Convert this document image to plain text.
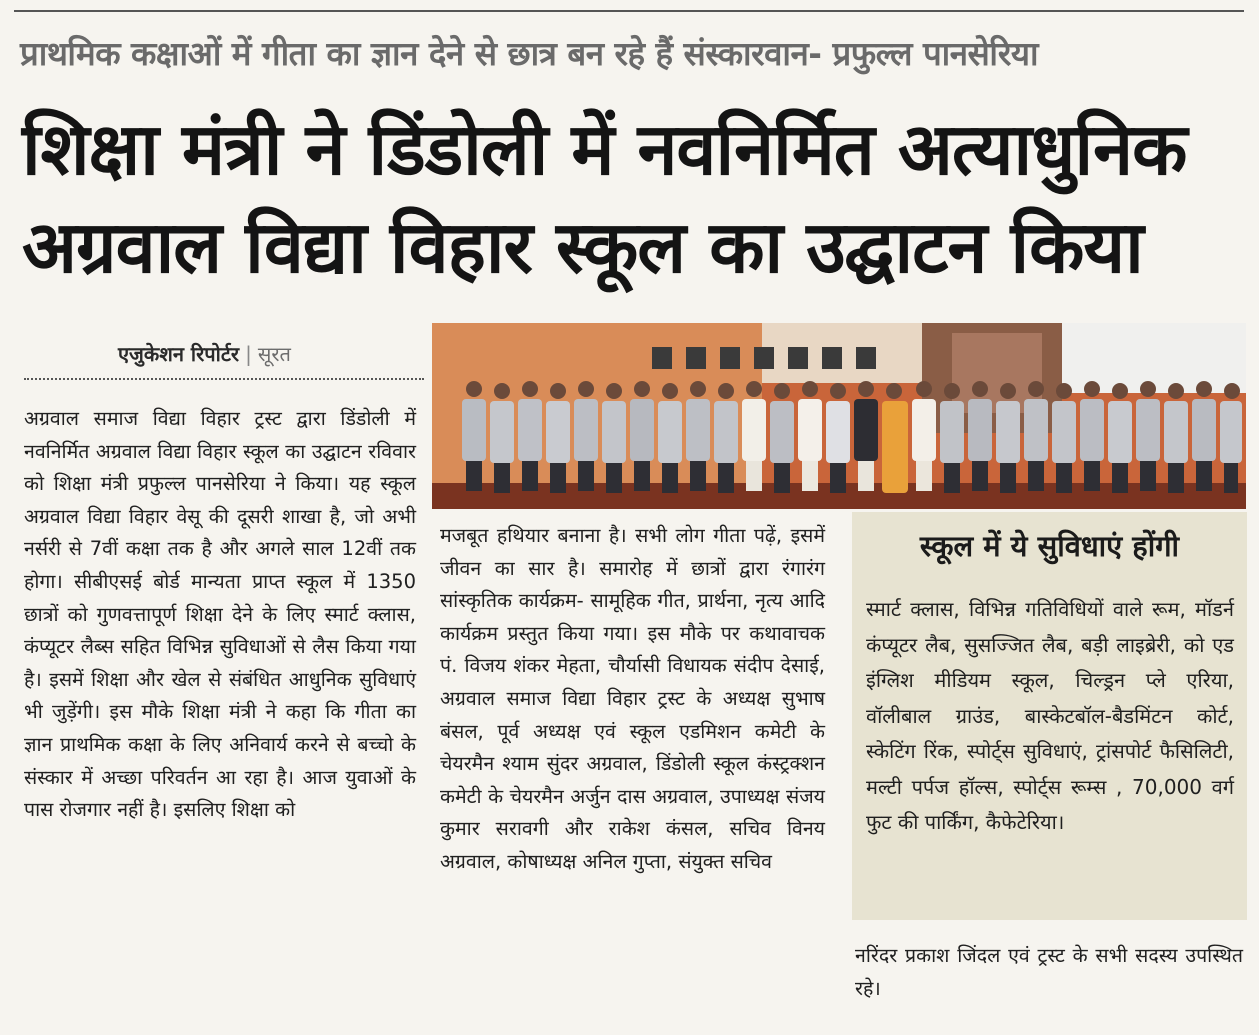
प्राथमिक कक्षाओं में गीता का ज्ञान देने से छात्र बन रहे हैं संस्कारवान- प्रफुल्ल पानसेरिया
शिक्षा मंत्री ने डिंडोली में नवनिर्मित अत्याधुनिक
अग्रवाल विद्या विहार स्कूल का उद्घाटन किया
एजुकेशन रिपोर्टर | सूरत

अग्रवाल समाज विद्या विहार ट्रस्ट द्वारा डिंडोली में नवनिर्मित अग्रवाल विद्या विहार स्कूल का उद्घाटन रविवार को शिक्षा मंत्री प्रफुल्ल पानसेरिया ने किया। यह स्कूल अग्रवाल विद्या विहार वेसू की दूसरी शाखा है, जो अभी नर्सरी से 7वीं कक्षा तक है और अगले साल 12वीं तक होगा। सीबीएसई बोर्ड मान्यता प्राप्त स्कूल में 1350 छात्रों को गुणवत्तापूर्ण शिक्षा देने के लिए स्मार्ट क्लास, कंप्यूटर लैब्स सहित विभिन्न सुविधाओं से लैस किया गया है। इसमें शिक्षा और खेल से संबंधित आधुनिक सुविधाएं भी जुड़ेंगी। इस मौके शिक्षा मंत्री ने कहा कि गीता का ज्ञान प्राथमिक कक्षा के लिए अनिवार्य करने से बच्चो के संस्कार में अच्छा परिवर्तन आ रहा है। आज युवाओं के पास रोजगार नहीं है। इसलिए शिक्षा को

मजबूत हथियार बनाना है। सभी लोग गीता पढ़ें, इसमें जीवन का सार है। समारोह में छात्रों द्वारा रंगारंग सांस्कृतिक कार्यक्रम- सामूहिक गीत, प्रार्थना, नृत्य आदि कार्यक्रम प्रस्तुत किया गया। इस मौके पर कथावाचक पं. विजय शंकर मेहता, चौर्यासी विधायक संदीप देसाई, अग्रवाल समाज विद्या विहार ट्रस्ट के अध्यक्ष सुभाष बंसल, पूर्व अध्यक्ष एवं स्कूल एडमिशन कमेटी के चेयरमैन श्याम सुंदर अग्रवाल, डिंडोली स्कूल कंस्ट्रक्शन कमेटी के चेयरमैन अर्जुन दास अग्रवाल, उपाध्यक्ष संजय कुमार सरावगी और राकेश कंसल, सचिव विनय अग्रवाल, कोषाध्यक्ष अनिल गुप्ता, संयुक्त सचिव

स्कूल में ये सुविधाएं होंगी
स्मार्ट क्लास, विभिन्न गतिविधियों वाले रूम, मॉडर्न कंप्यूटर लैब, सुसज्जित लैब, बड़ी लाइब्रेरी, को एड इंग्लिश मीडियम स्कूल, चिल्ड्रन प्ले एरिया, वॉलीबाल ग्राउंड, बास्केटबॉल-बैडमिंटन कोर्ट, स्केटिंग रिंक, स्पोर्ट्स सुविधाएं, ट्रांसपोर्ट फैसिलिटी, मल्टी पर्पज हॉल्स, स्पोर्ट्स रूम्स , 70,000 वर्ग फुट की पार्किंग, कैफेटेरिया।

नरिंदर प्रकाश जिंदल एवं ट्रस्ट के सभी सदस्य उपस्थित रहे।
